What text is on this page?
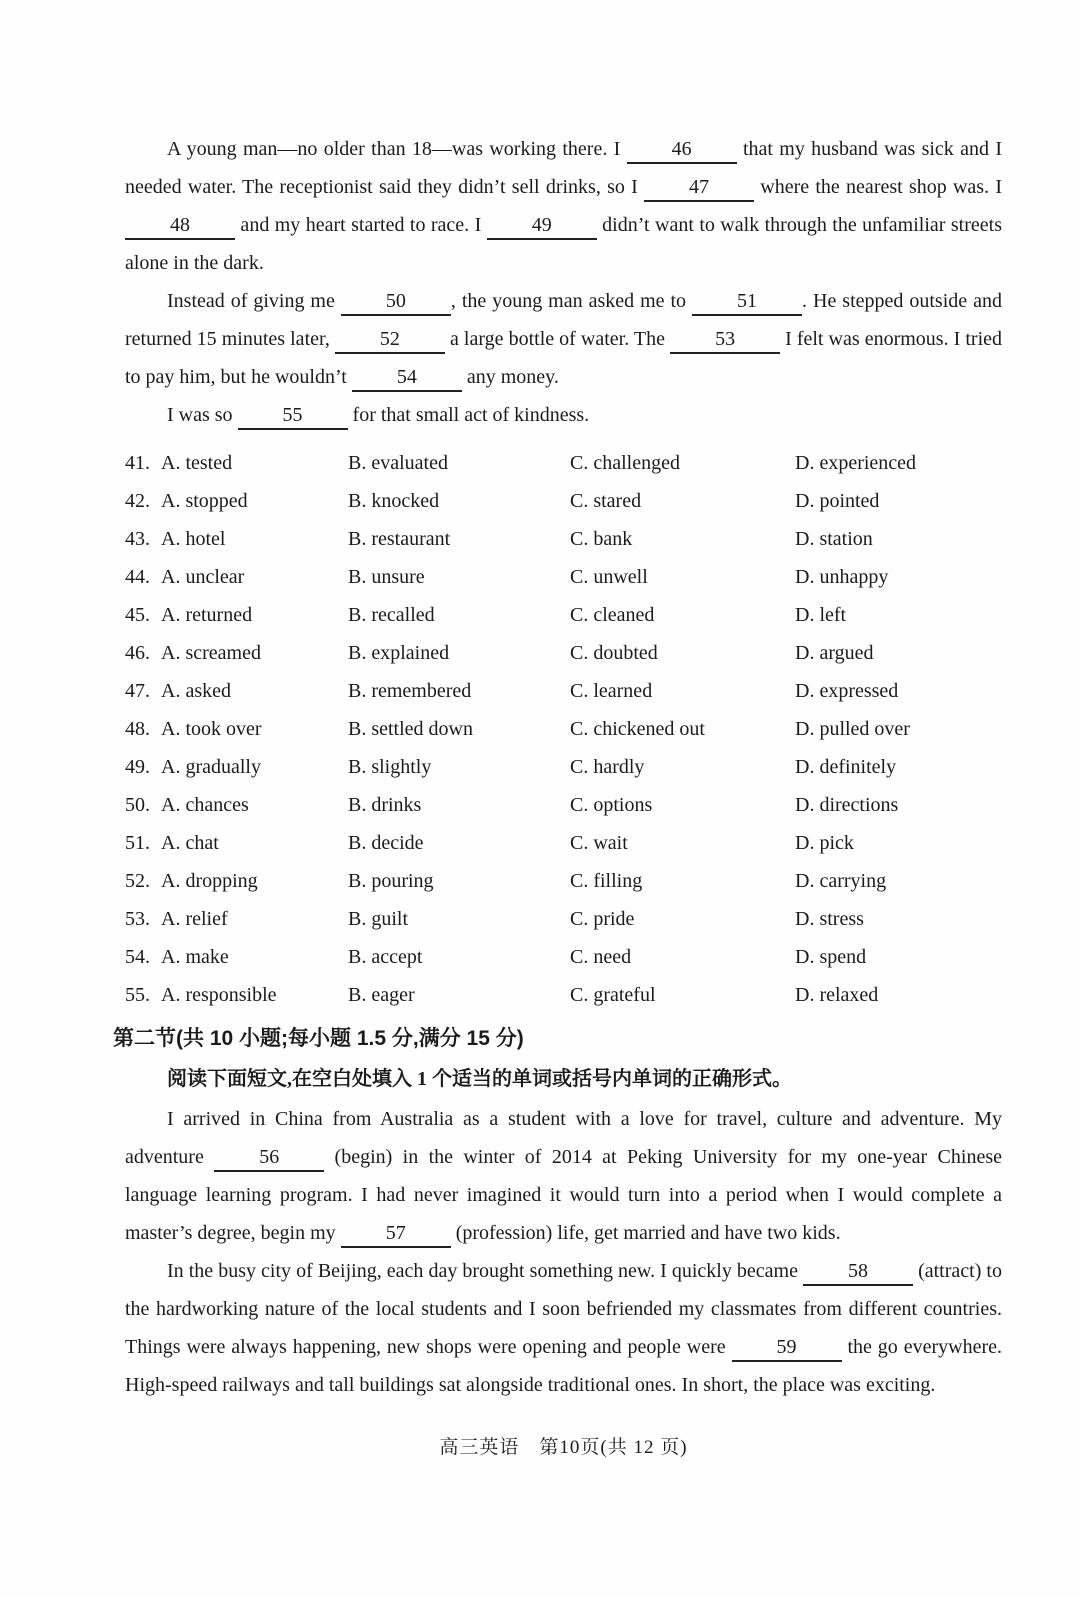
A young man—no older than 18—was working there. I 46 that my husband was sick and I needed water. The receptionist said they didn’t sell drinks, so I 47 where the nearest shop was. I 48 and my heart started to race. I 49 didn’t want to walk through the unfamiliar streets alone in the dark.

Instead of giving me 50 , the young man asked me to 51 . He stepped outside and returned 15 minutes later, 52 a large bottle of water. The 53 I felt was enormous. I tried to pay him, but he wouldn’t 54 any money.

I was so 55 for that small act of kindness.

41. A. tested	B. evaluated	C. challenged	D. experienced
42. A. stopped	B. knocked	C. stared	D. pointed
43. A. hotel	B. restaurant	C. bank	D. station
44. A. unclear	B. unsure	C. unwell	D. unhappy
45. A. returned	B. recalled	C. cleaned	D. left
46. A. screamed	B. explained	C. doubted	D. argued
47. A. asked	B. remembered	C. learned	D. expressed
48. A. took over	B. settled down	C. chickened out	D. pulled over
49. A. gradually	B. slightly	C. hardly	D. definitely
50. A. chances	B. drinks	C. options	D. directions
51. A. chat	B. decide	C. wait	D. pick
52. A. dropping	B. pouring	C. filling	D. carrying
53. A. relief	B. guilt	C. pride	D. stress
54. A. make	B. accept	C. need	D. spend
55. A. responsible	B. eager	C. grateful	D. relaxed
第二节(共 10 小题;每小题 1.5 分,满分 15 分)

阅读下面短文,在空白处填入 1 个适当的单词或括号内单词的正确形式。

I arrived in China from Australia as a student with a love for travel, culture and adventure. My adventure 56 (begin) in the winter of 2014 at Peking University for my one-year Chinese language learning program. I had never imagined it would turn into a period when I would complete a master’s degree, begin my 57 (profession) life, get married and have two kids.

In the busy city of Beijing, each day brought something new. I quickly became 58 (attract) to the hardworking nature of the local students and I soon befriended my classmates from different countries. Things were always happening, new shops were opening and people were 59 the go everywhere. High-speed railways and tall buildings sat alongside traditional ones. In short, the place was exciting.

高三英语　第10页(共 12 页)
